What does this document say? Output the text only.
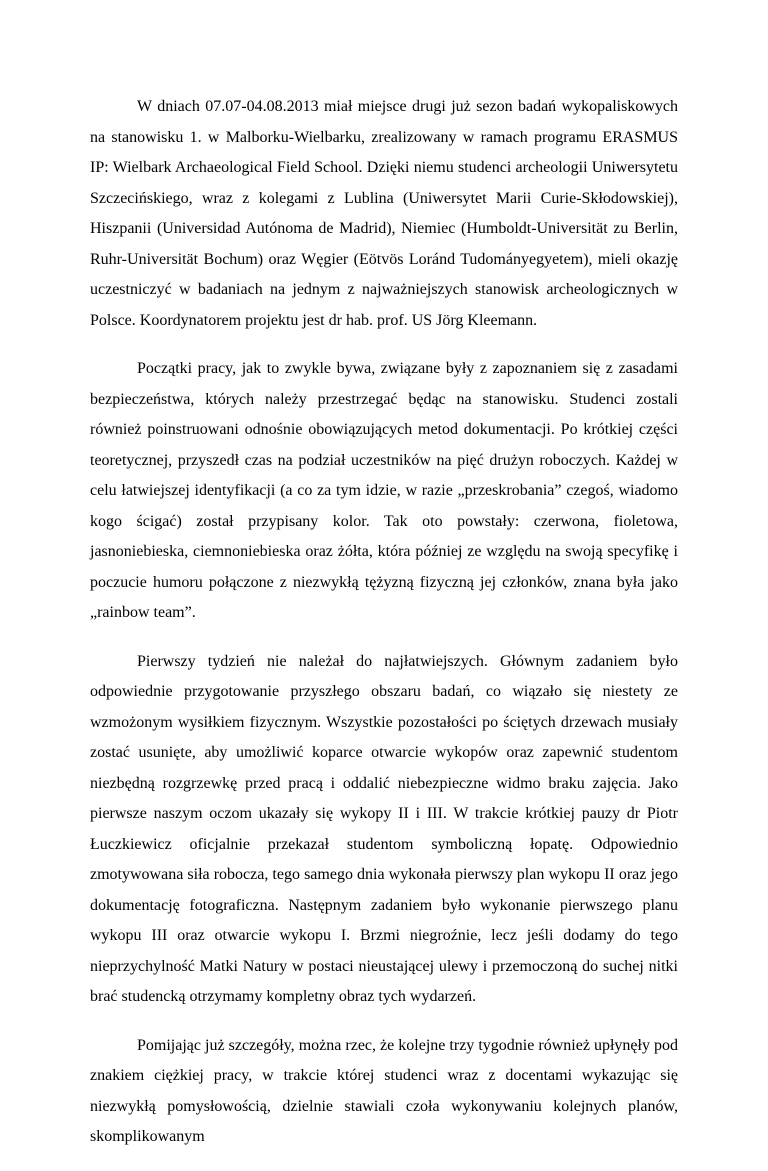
W dniach 07.07-04.08.2013 miał miejsce drugi już sezon badań wykopaliskowych na stanowisku 1. w Malborku-Wielbarku, zrealizowany w ramach programu ERASMUS IP: Wielbark Archaeological Field School. Dzięki niemu studenci archeologii Uniwersytetu Szczecińskiego, wraz z kolegami z Lublina (Uniwersytet Marii Curie-Skłodowskiej), Hiszpanii (Universidad Autónoma de Madrid), Niemiec (Humboldt-Universität zu Berlin, Ruhr-Universität Bochum) oraz Węgier (Eötvös Loránd Tudományegyetem), mieli okazję uczestniczyć w badaniach na jednym z najważniejszych stanowisk archeologicznych w Polsce. Koordynatorem projektu jest dr hab. prof. US Jörg Kleemann.

Początki pracy, jak to zwykle bywa, związane były z zapoznaniem się z zasadami bezpieczeństwa, których należy przestrzegać będąc na stanowisku. Studenci zostali również poinstruowani odnośnie obowiązujących metod dokumentacji. Po krótkiej części teoretycznej, przyszedł czas na podział uczestników na pięć drużyn roboczych. Każdej w celu łatwiejszej identyfikacji (a co za tym idzie, w razie „przeskrobania” czegoś, wiadomo kogo ścigać) został przypisany kolor. Tak oto powstały: czerwona, fioletowa, jasnoniebieska, ciemnoniebieska oraz żółta, która później ze względu na swoją specyfikę i poczucie humoru połączone z niezwykłą tężyzną fizyczną jej członków, znana była jako „rainbow team”.

Pierwszy tydzień nie należał do najłatwiejszych. Głównym zadaniem było odpowiednie przygotowanie przyszłego obszaru badań, co wiązało się niestety ze wzmożonym wysiłkiem fizycznym. Wszystkie pozostałości po ściętych drzewach musiały zostać usunięte, aby umożliwić koparce otwarcie wykopów oraz zapewnić studentom niezbędną rozgrzewkę przed pracą i oddalić niebezpieczne widmo braku zajęcia. Jako pierwsze naszym oczom ukazały się wykopy II i III. W trakcie krótkiej pauzy dr Piotr Łuczkiewicz oficjalnie przekazał studentom symboliczną łopatę. Odpowiednio zmotywowana siła robocza, tego samego dnia wykonała pierwszy plan wykopu II oraz jego dokumentację fotograficzna. Następnym zadaniem było wykonanie pierwszego planu wykopu III oraz otwarcie wykopu I. Brzmi niegroźnie, lecz jeśli dodamy do tego nieprzychylność Matki Natury w postaci nieustającej ulewy i przemoczoną do suchej nitki brać studencką otrzymamy kompletny obraz tych wydarzeń.

Pomijając już szczegóły, można rzec, że kolejne trzy tygodnie również upłynęły pod znakiem ciężkiej pracy, w trakcie której studenci wraz z docentami wykazując się niezwykłą pomysłowością, dzielnie stawiali czoła wykonywaniu kolejnych planów, skomplikowanym
